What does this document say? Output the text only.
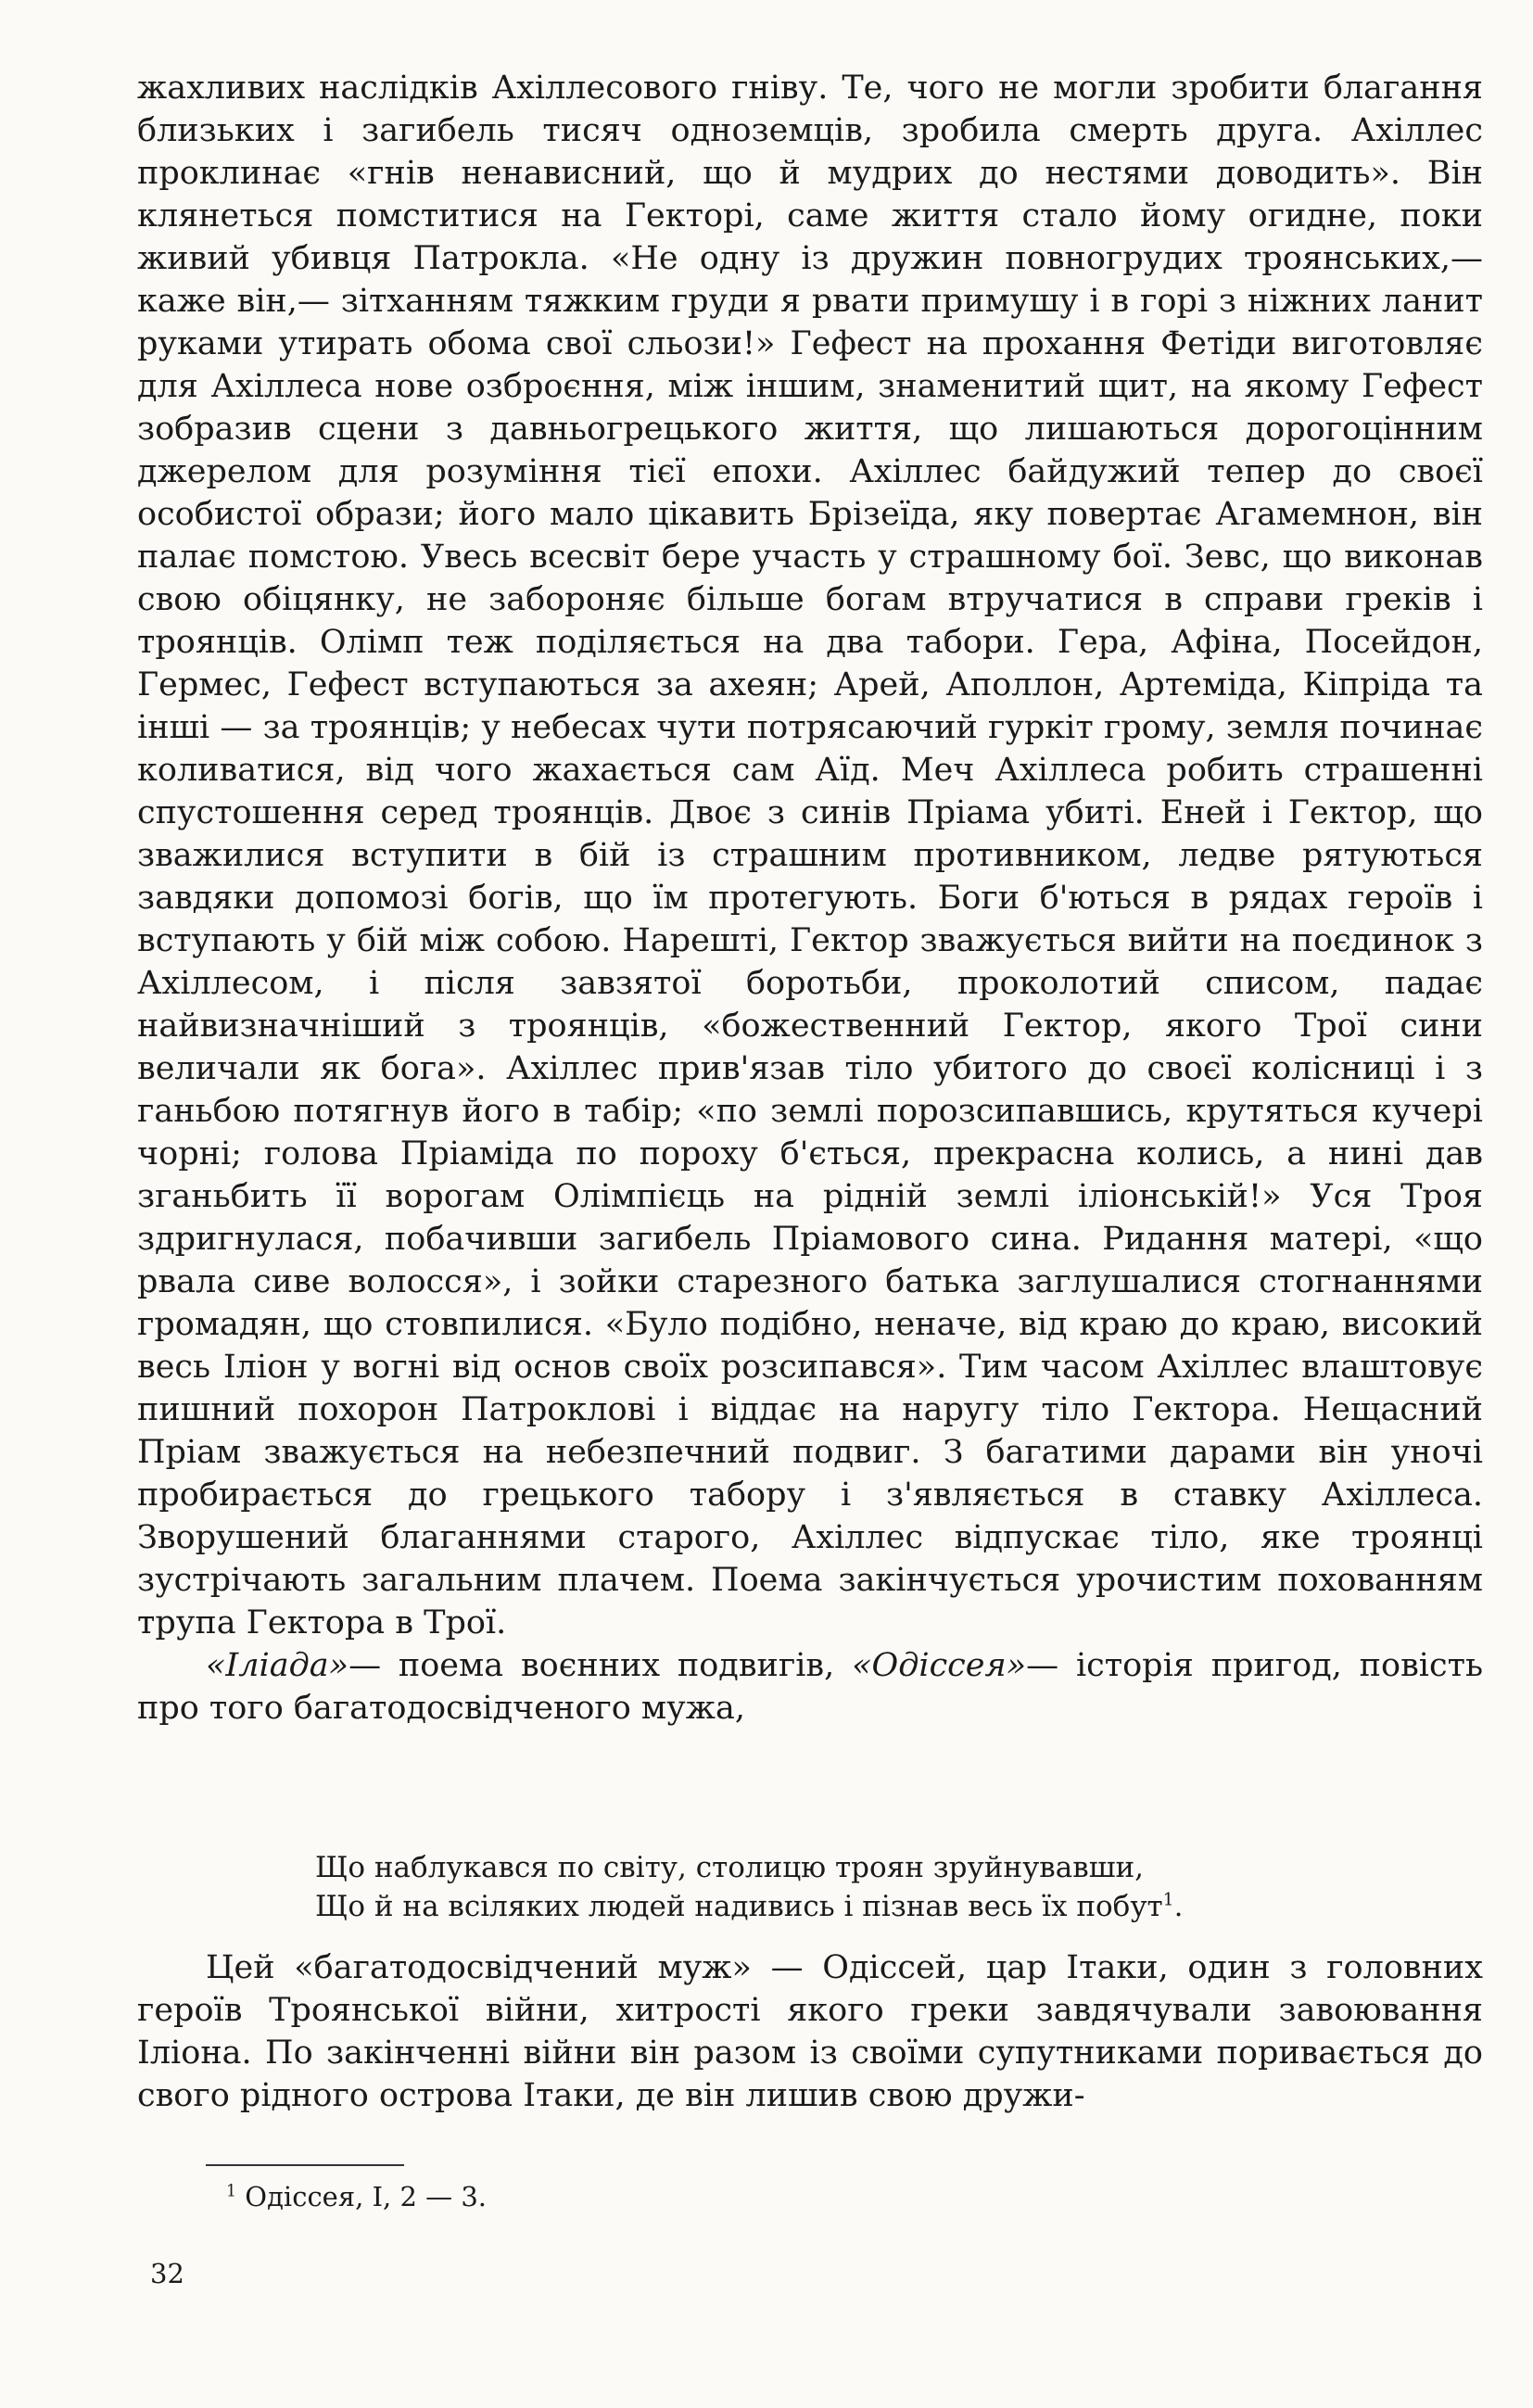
жахливих наслідків Ахіллесового гніву. Те, чого не могли зробити благання близьких і загибель тисяч одноземців, зробила смерть друга. Ахіллес проклинає «гнів ненависний, що й мудрих до нестями доводить». Він клянеться помститися на Гекторі, саме життя стало йому огидне, поки живий убивця Патрокла. «Не одну із дружин повногрудих троянських,— каже він,— зітханням тяжким груди я рвати примушу і в горі з ніжних ланит руками утирать обома свої сльози!» Гефест на прохання Фетіди виготовляє для Ахіллеса нове озброєння, між іншим, знаменитий щит, на якому Гефест зобразив сцени з давньогрецького життя, що лишаються дорогоцінним джерелом для розуміння тієї епохи. Ахіллес байдужий тепер до своєї особистої образи; його мало цікавить Брізеїда, яку повертає Агамемнон, він палає помстою. Увесь всесвіт бере участь у страшному бої. Зевс, що виконав свою обіцянку, не забороняє більше богам втручатися в справи греків і троянців. Олімп теж поділяється на два табори. Гера, Афіна, Посейдон, Гермес, Гефест вступаються за ахеян; Арей, Аполлон, Артеміда, Кіпріда та інші — за троянців; у небесах чути потрясаючий гуркіт грому, земля починає коливатися, від чого жахається сам Аїд. Меч Ахіллеса робить страшенні спустошення серед троянців. Двоє з синів Пріама убиті. Еней і Гектор, що зважилися вступити в бій із страшним противником, ледве рятуються завдяки допомозі богів, що їм протегують. Боги б'ються в рядах героїв і вступають у бій між собою. Нарешті, Гектор зважується вийти на поєдинок з Ахіллесом, і після завзятої боротьби, проколотий списом, падає найвизначніший з троянців, «божественний Гектор, якого Трої сини величали як бога». Ахіллес прив'язав тіло убитого до своєї колісниці і з ганьбою потягнув його в табір; «по землі порозсипавшись, крутяться кучері чорні; голова Пріаміда по пороху б'ється, прекрасна колись, а нині дав зганьбить її ворогам Олімпієць на рідній землі іліонській!» Уся Троя здригнулася, побачивши загибель Пріамового сина. Ридання матері, «що рвала сиве волосся», і зойки старезного батька заглушалися стогнаннями громадян, що стовпилися. «Було подібно, неначе, від краю до краю, високий весь Іліон у вогні від основ своїх розсипався». Тим часом Ахіллес влаштовує пишний похорон Патроклові і віддає на наругу тіло Гектора. Нещасний Пріам зважується на небезпечний подвиг. З багатими дарами він уночі пробирається до грецького табору і з'являється в ставку Ахіллеса. Зворушений благаннями старого, Ахіллес відпускає тіло, яке троянці зустрічають загальним плачем. Поема закінчується урочистим похованням трупа Гектора в Трої.

«Іліада»— поема воєнних подвигів, «Одіссея»— історія пригод, повість про того багатодосвідченого мужа,

Що наблукався по світу, столицю троян зруйнувавши,
Що й на всіляких людей надивись і пізнав весь їх побут$^1$.

Цей «багатодосвідчений муж» — Одіссей, цар Ітаки, один з головних героїв Троянської війни, хитрості якого греки завдячували завоювання Іліона. По закінченні війни він разом із своїми супутниками поривається до свого рідного острова Ітаки, де він лишив свою дружи-

$^1$ Одіссея, I, 2 — 3.
32
